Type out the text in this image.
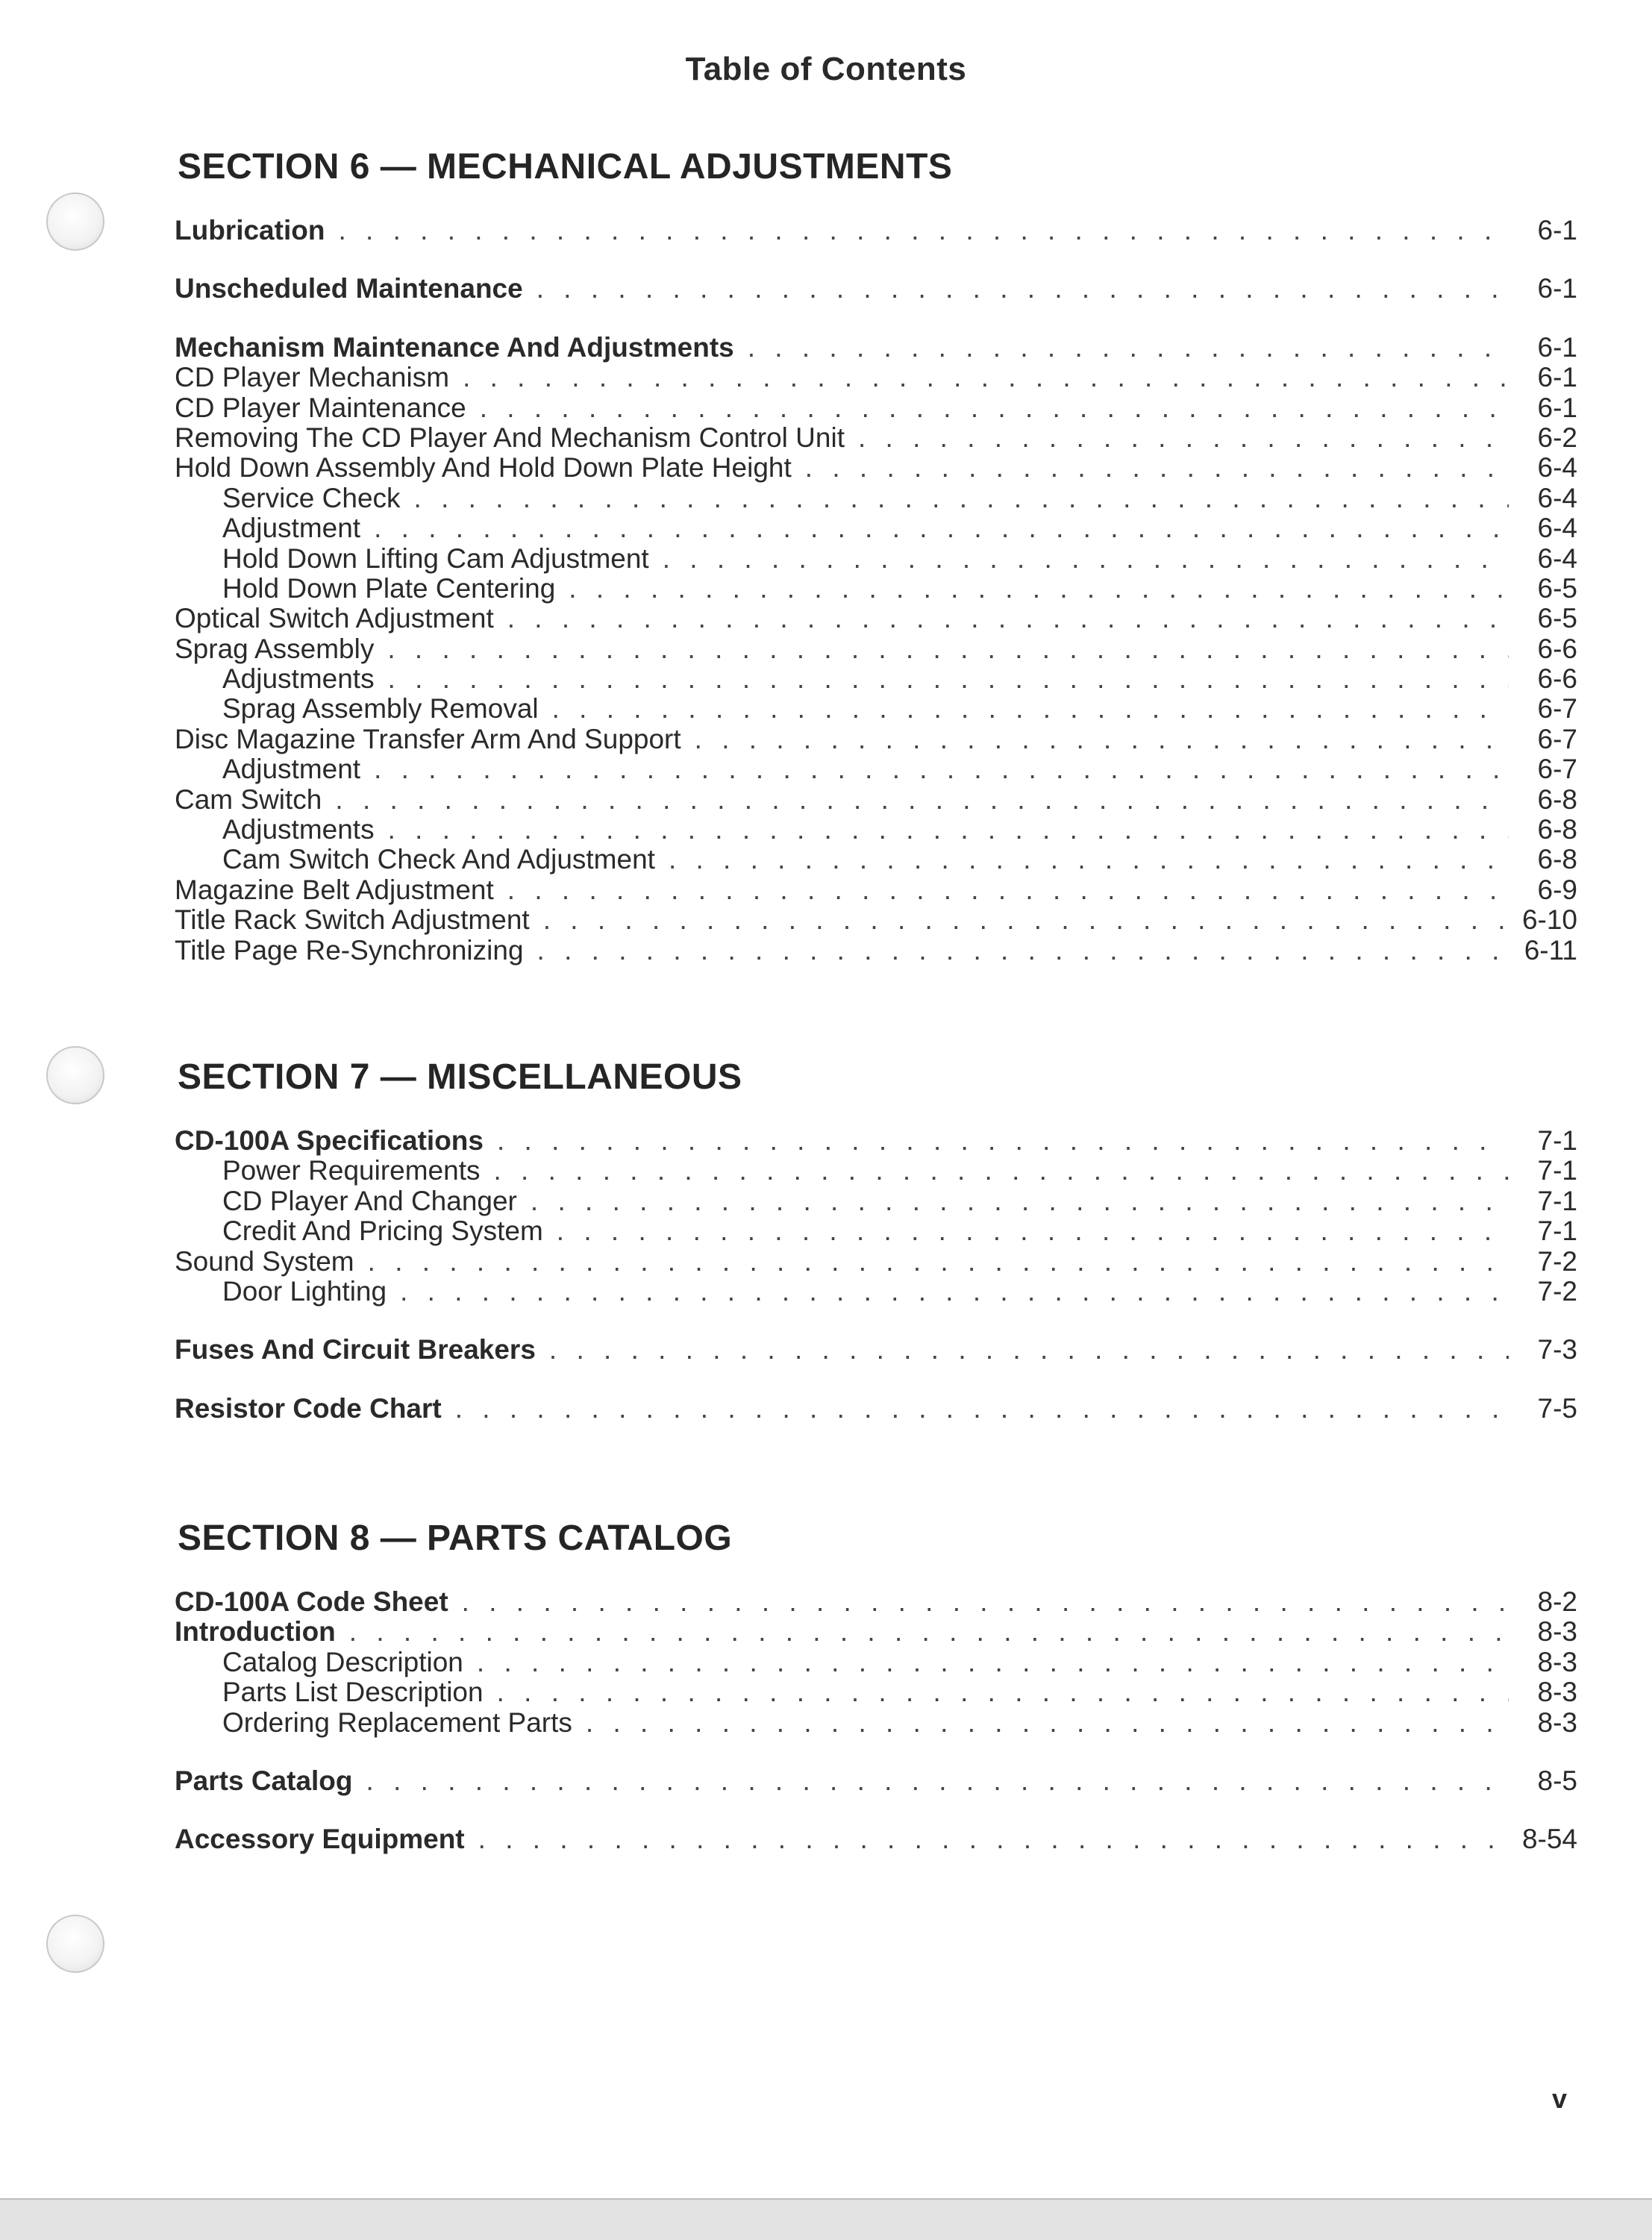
Table of Contents
SECTION 6 — MECHANICAL ADJUSTMENTS
Lubrication . . .	6-1
Unscheduled Maintenance . . .	6-1
Mechanism Maintenance And Adjustments . . .	6-1
CD Player Mechanism . . .	6-1
CD Player Maintenance . . .	6-1
Removing The CD Player And Mechanism Control Unit . . .	6-2
Hold Down Assembly And Hold Down Plate Height . . .	6-4
Service Check . . .	6-4
Adjustment . . .	6-4
Hold Down Lifting Cam Adjustment . . .	6-4
Hold Down Plate Centering . . .	6-5
Optical Switch Adjustment . . .	6-5
Sprag Assembly . . .	6-6
Adjustments . . .	6-6
Sprag Assembly Removal . . .	6-7
Disc Magazine Transfer Arm And Support . . .	6-7
Adjustment . . .	6-7
Cam Switch . . .	6-8
Adjustments . . .	6-8
Cam Switch Check And Adjustment . . .	6-8
Magazine Belt Adjustment . . .	6-9
Title Rack Switch Adjustment . . .	6-10
Title Page Re-Synchronizing . . .	6-11
SECTION 7 — MISCELLANEOUS
CD-100A Specifications . . .	7-1
Power Requirements . . .	7-1
CD Player And Changer . . .	7-1
Credit And Pricing System . . .	7-1
Sound System . . .	7-2
Door Lighting . . .	7-2
Fuses And Circuit Breakers . . .	7-3
Resistor Code Chart . . .	7-5
SECTION 8 — PARTS CATALOG
CD-100A Code Sheet . . .	8-2
Introduction . . .	8-3
Catalog Description . . .	8-3
Parts List Description . . .	8-3
Ordering Replacement Parts . . .	8-3
Parts Catalog . . .	8-5
Accessory Equipment . . .	8-54
v
